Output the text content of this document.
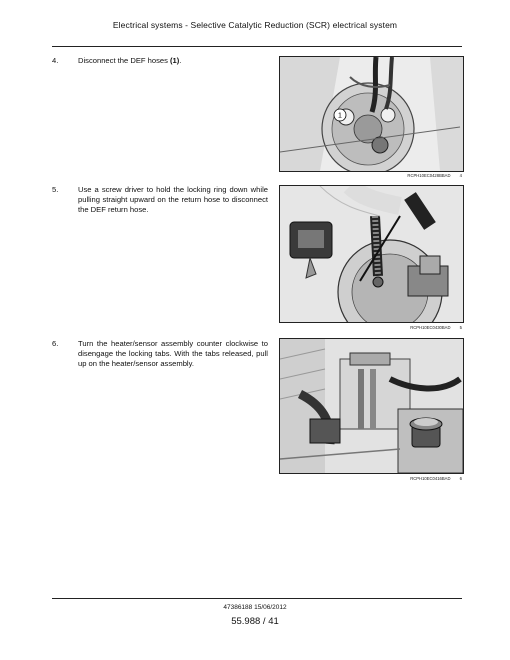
Electrical systems - Selective Catalytic Reduction (SCR) electrical system
4.	Disconnect the DEF hoses (1).
5.	Use a screw driver to hold the locking ring down while pulling straight upward on the return hose to disconnect the DEF return hose.
6.	Turn the heater/sensor assembly counter clockwise to disengage the locking tabs. With the tabs released, pull up on the heater/sensor assembly.
1
RCPH10EC0428BBAD 4
RCPH10EC0430BAD 5
RCPH10EC0416BAD 6
47386188 15/06/2012
55.988 / 41
